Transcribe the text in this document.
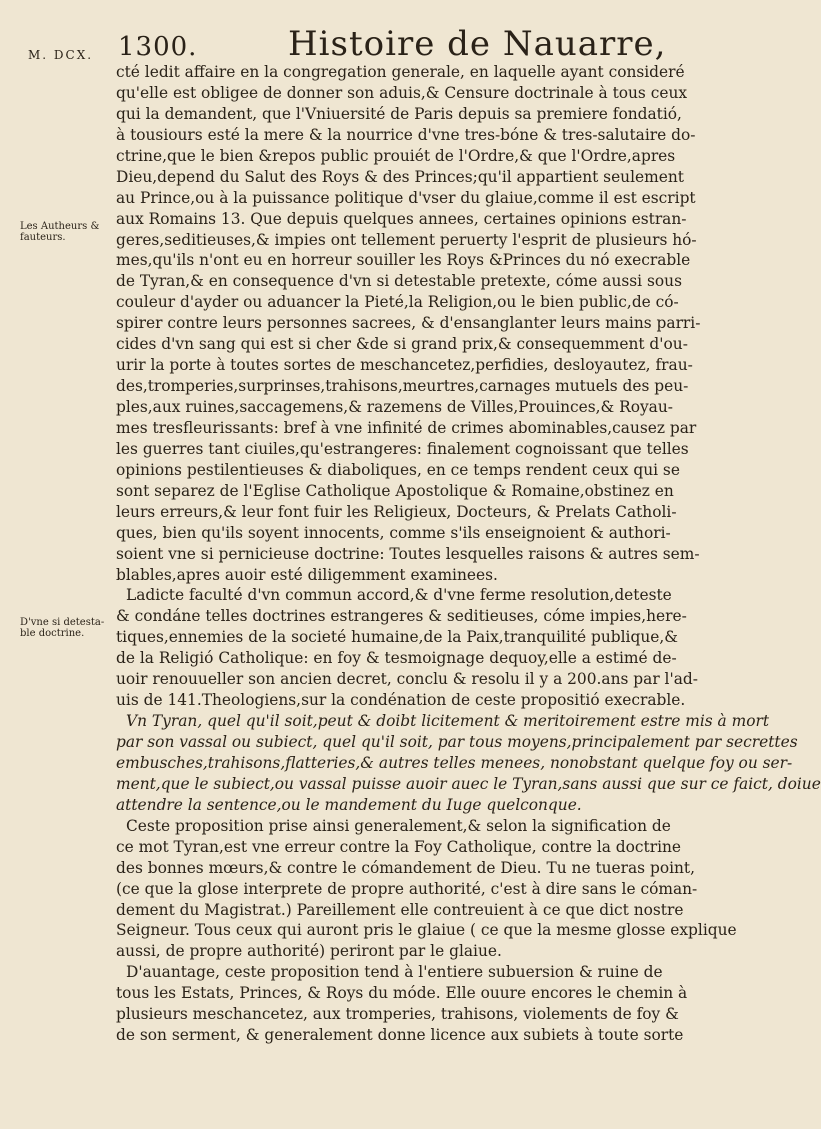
1300.	Histoire de Nauarre,
M. DCX.
Les Autheurs & fauteurs.
D'vne si detesta-ble doctrine.
cté ledit affaire en la congregation generale, en laquelle ayant consideré
qu'elle est obligee de donner son aduis,& Censure doctrinale à tous ceux
qui la demandent, que l'Vniuersité de Paris depuis sa premiere fondatió,
à tousiours esté la mere & la nourrice d'vne tres-bóne & tres-salutaire do-
ctrine,que le bien &repos public prouiét de l'Ordre,& que l'Ordre,apres
Dieu,depend du Salut des Roys & des Princes;qu'il appartient seulement
au Prince,ou à la puissance politique d'vser du glaiue,comme il est escript
aux Romains 13. Que depuis quelques annees, certaines opinions estran-
geres,seditieuses,& impies ont tellement peruerty l'esprit de plusieurs hó-
mes,qu'ils n'ont eu en horreur souiller les Roys &Princes du nó execrable
de Tyran,& en consequence d'vn si detestable pretexte, cóme aussi sous
couleur d'ayder ou aduancer la Pieté,la Religion,ou le bien public,de có-
spirer contre leurs personnes sacrees, & d'ensanglanter leurs mains parri-
cides d'vn sang qui est si cher &de si grand prix,& consequemment d'ou-
urir la porte à toutes sortes de meschancetez,perfidies, desloyautez, frau-
des,tromperies,surprinses,trahisons,meurtres,carnages mutuels des peu-
ples,aux ruines,saccagemens,& razemens de Villes,Prouinces,& Royau-
mes tresfleurissants: bref à vne infinité de crimes abominables,causez par
les guerres tant ciuiles,qu'estrangeres: finalement cognoissant que telles
opinions pestilentieuses & diaboliques, en ce temps rendent ceux qui se
sont separez de l'Eglise Catholique Apostolique & Romaine,obstinez en
leurs erreurs,& leur font fuir les Religieux, Docteurs, & Prelats Catholi-
ques, bien qu'ils soyent innocents, comme s'ils enseignoient & authori-
soient vne si pernicieuse doctrine: Toutes lesquelles raisons & autres sem-
blables,apres auoir esté diligemment examinees.
Ladicte faculté d'vn commun accord,& d'vne ferme resolution,deteste
& condáne telles doctrines estrangeres & seditieuses, cóme impies,here-
tiques,ennemies de la societé humaine,de la Paix,tranquilité publique,&
de la Religió Catholique: en foy & tesmoignage dequoy,elle a estimé de-
uoir renouueller son ancien decret, conclu & resolu il y a 200.ans par l'ad-
uis de 141.Theologiens,sur la condénation de ceste propositió execrable.
Vn Tyran, quel qu'il soit,peut & doibt licitement & meritoirement estre mis à mort
par son vassal ou subiect, quel qu'il soit, par tous moyens,principalement par secrettes
embusches,trahisons,flatteries,& autres telles menees, nonobstant quelque foy ou ser-
ment,que le subiect,ou vassal puisse auoir auec le Tyran,sans aussi que sur ce faict, doiue
attendre la sentence,ou le mandement du Iuge quelconque.
Ceste proposition prise ainsi generalement,& selon la signification de
ce mot Tyran,est vne erreur contre la Foy Catholique, contre la doctrine
des bonnes mœurs,& contre le cómandement de Dieu. Tu ne tueras point,
(ce que la glose interprete de propre authorité, c'est à dire sans le cóman-
dement du Magistrat.) Pareillement elle contreuient à ce que dict nostre
Seigneur. Tous ceux qui auront pris le glaiue ( ce que la mesme glosse explique
aussi, de propre authorité) periront par le glaiue.
D'auantage, ceste proposition tend à l'entiere subuersion & ruine de
tous les Estats, Princes, & Roys du móde. Elle ouure encores le chemin à
plusieurs meschancetez, aux tromperies, trahisons, violements de foy &
de son serment, & generalement donne licence aux subiets à toute sorte
